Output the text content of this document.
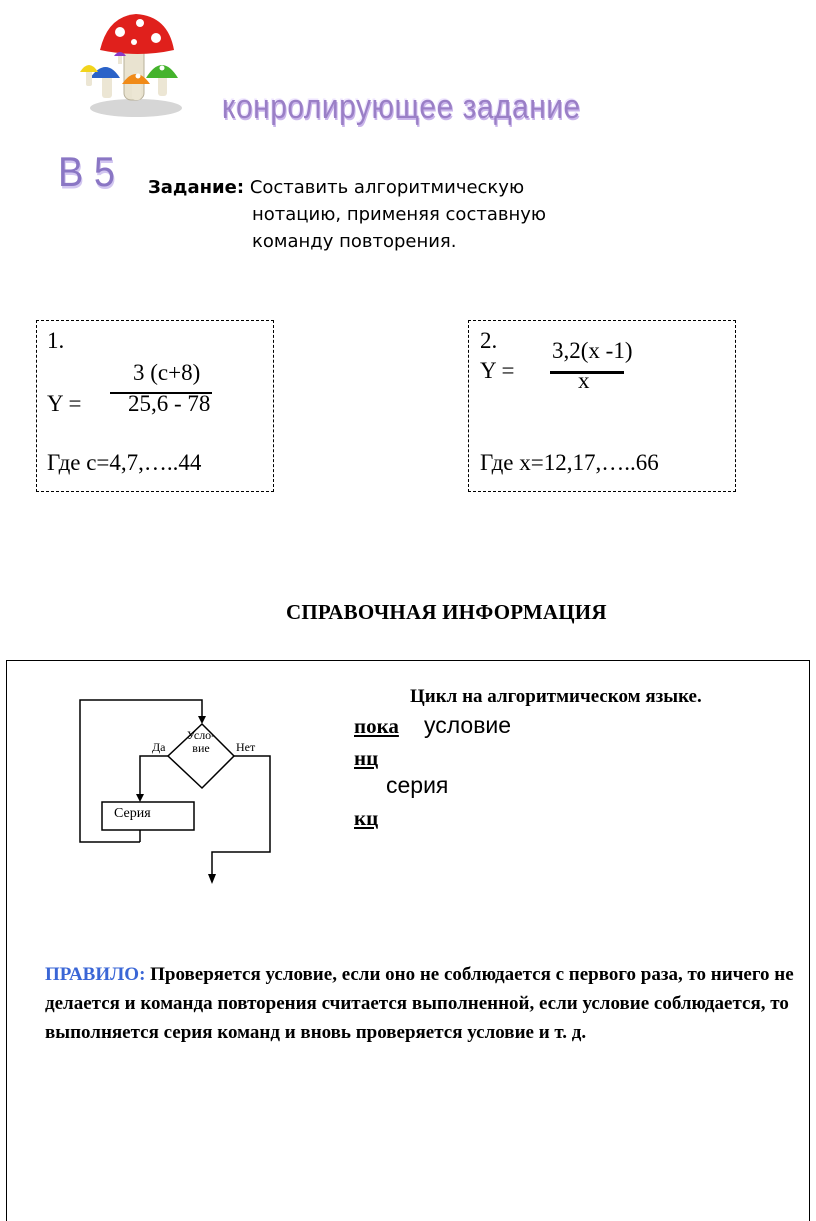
конролирующее задание
В 5 Задание: Составить алгоритмическую
нотацию, применяя составную
команду повторения.
1.
3 (c+8)
Y = 25,6 - 78
Где с=4,7,…..44
2. 3,2(x -1)
Y =	x
Где х=12,17,…..66
СПРАВОЧНАЯ ИНФОРМАЦИЯ
Усло-
вие
Да	Нет
Серия
Цикл на алгоритмическом языке.
пока условие
нц
серия
кц
ПРАВИЛО: Проверяется условие, если оно не соблюдается с первого раза, то ничего не делается и команда повторения считается выполненной, если условие соблюдается, то выполняется серия команд и вновь проверяется условие и т. д.
